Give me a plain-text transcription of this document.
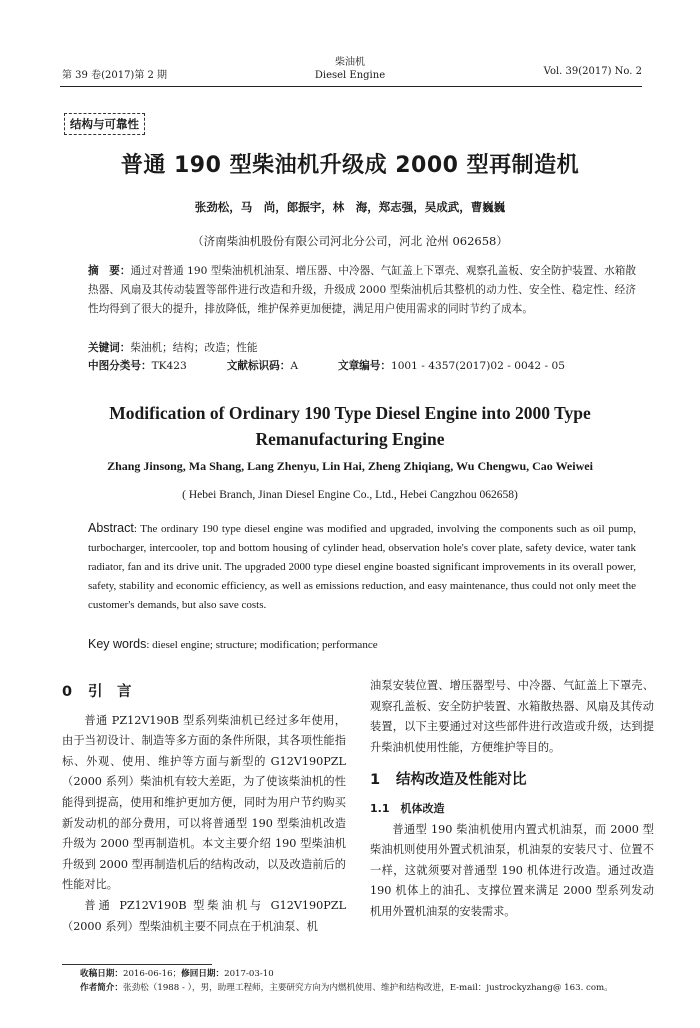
第 39 卷(2017)第 2 期
柴油机
Diesel Engine	Vol. 39(2017) No. 2
结构与可靠性
普通 190 型柴油机升级成 2000 型再制造机
张劲松，马　尚，郎振宇，林　海，郑志强，吴成武，曹巍巍
（济南柴油机股份有限公司河北分公司，河北 沧州 062658）
摘　要：通过对普通 190 型柴油机机油泵、增压器、中冷器、气缸盖上下罩壳、观察孔盖板、安全防护装置、水箱散热器、风扇及其传动装置等部件进行改造和升级，升级成 2000 型柴油机后其整机的动力性、安全性、稳定性、经济性均得到了很大的提升，排放降低，维护保养更加便捷，满足用户使用需求的同时节约了成本。
关键词：柴油机；结构；改造；性能
中图分类号：TK423	文献标识码：A	文章编号：1001 - 4357(2017)02 - 0042 - 05
Modification of Ordinary 190 Type Diesel Engine into 2000 Type Remanufacturing Engine
Zhang Jinsong, Ma Shang, Lang Zhenyu, Lin Hai, Zheng Zhiqiang, Wu Chengwu, Cao Weiwei
( Hebei Branch, Jinan Diesel Engine Co., Ltd., Hebei Cangzhou 062658)
Abstract: The ordinary 190 type diesel engine was modified and upgraded, involving the components such as oil pump, turbocharger, intercooler, top and bottom housing of cylinder head, observation hole's cover plate, safety device, water tank radiator, fan and its drive unit. The upgraded 2000 type diesel engine boasted significant improvements in its overall power, safety, stability and economic efficiency, as well as emissions reduction, and easy maintenance, thus could not only meet the customer's demands, but also save costs.
Key words: diesel engine; structure; modification; performance
0 引　言

普通 PZ12V190B 型系列柴油机已经过多年使用，由于当初设计、制造等多方面的条件所限，其各项性能指标、外观、使用、维护等方面与新型的 G12V190PZL（2000 系列）柴油机有较大差距，为了使该柴油机的性能得到提高，使用和维护更加方便，同时为用户节约购买新发动机的部分费用，可以将普通型 190 型柴油机改造升级为 2000 型再制造机。本文主要介绍 190 型柴油机升级到 2000 型再制造机后的结构改动，以及改造前后的性能对比。

普通 PZ12V190B 型柴油机与 G12V190PZL（2000 系列）型柴油机主要不同点在于机油泵、机

油泵安装位置、增压器型号、中冷器、气缸盖上下罩壳、观察孔盖板、安全防护装置、水箱散热器、风扇及其传动装置，以下主要通过对这些部件进行改造或升级，达到提升柴油机使用性能，方便维护等目的。

1 结构改造及性能对比
1.1　机体改造

普通型 190 柴油机使用内置式机油泵，而 2000 型柴油机则使用外置式机油泵，机油泵的安装尺寸、位置不一样，这就须要对普通型 190 机体进行改造。通过改造 190 机体上的油孔、支撑位置来满足 2000 型系列发动机用外置机油泵的安装需求。

收稿日期：2016-06-16；修回日期：2017-03-10
作者简介：张劲松（1988 - ），男，助理工程师，主要研究方向为内燃机使用、维护和结构改进，E-mail：justrockyzhang@ 163. com。
